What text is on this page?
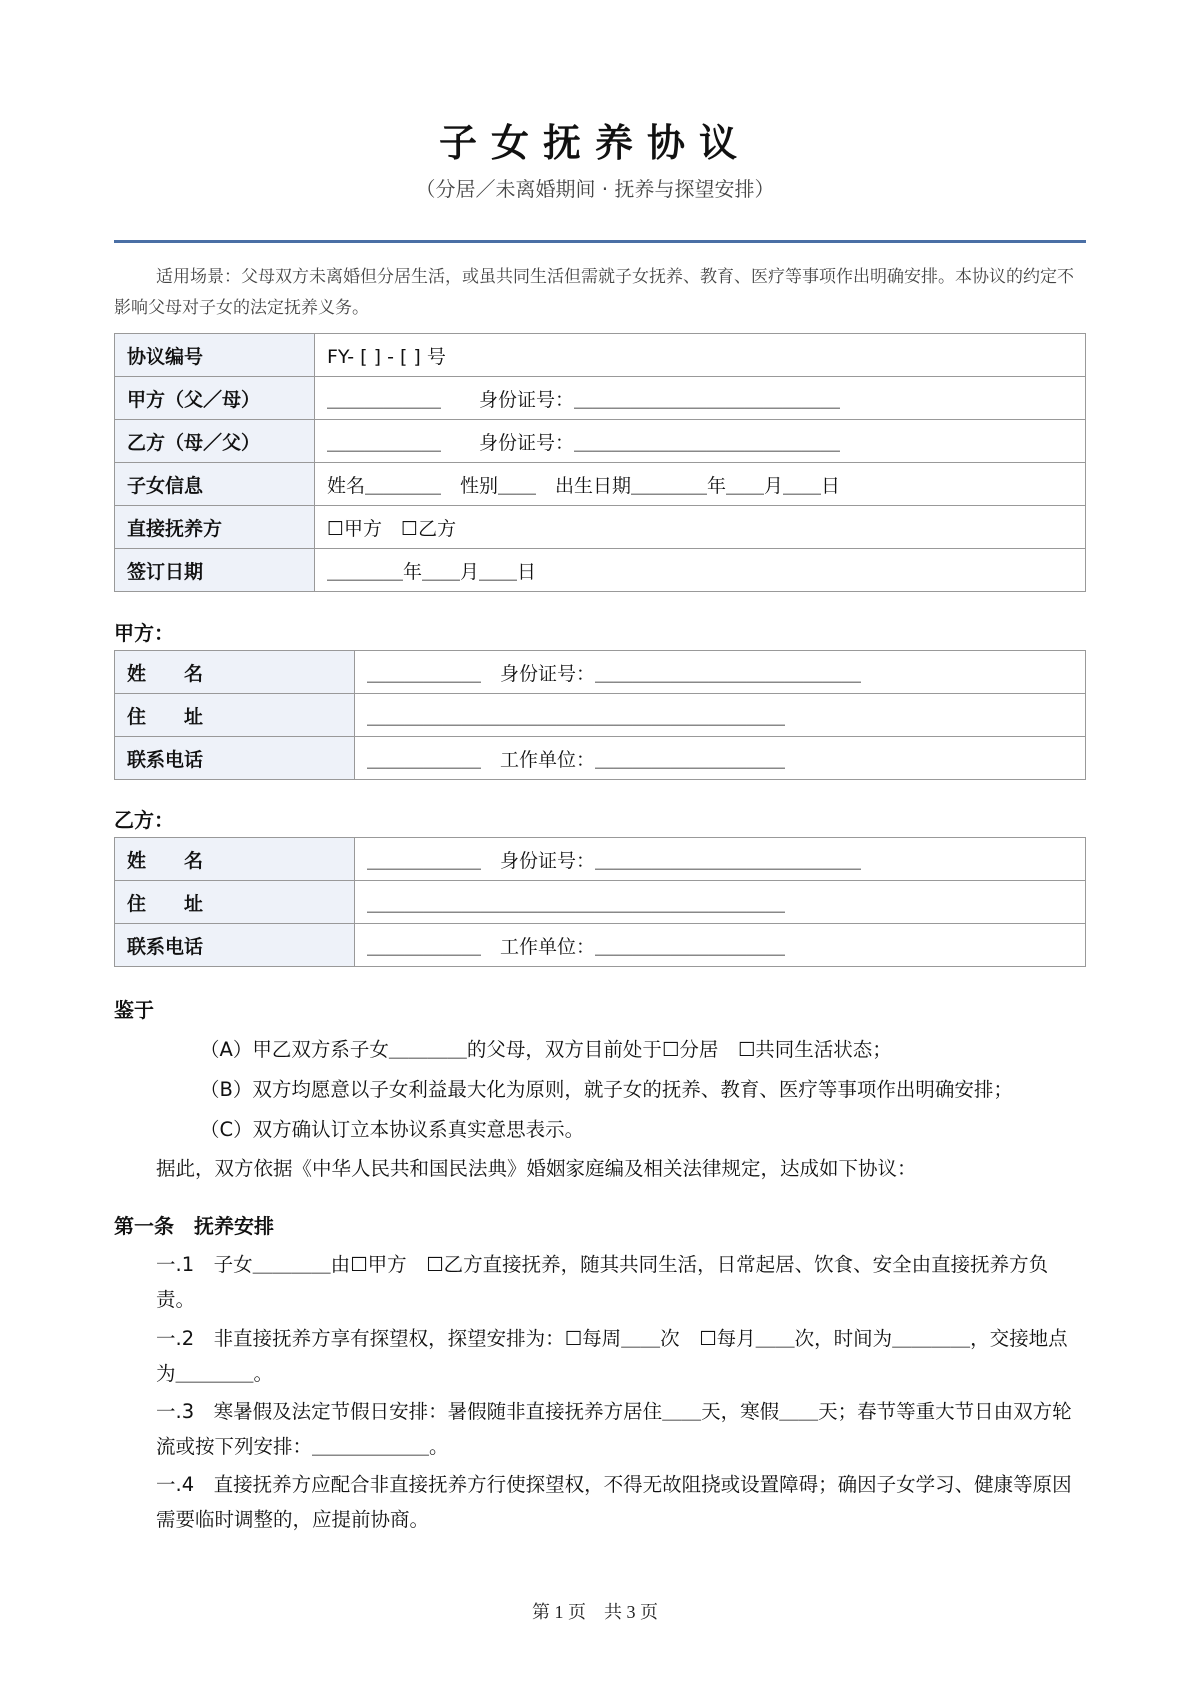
子女抚养协议
（分居／未离婚期间 · 抚养与探望安排）
适用场景：父母双方未离婚但分居生活，或虽共同生活但需就子女抚养、教育、医疗等事项作出明确安排。本协议的约定不影响父母对子女的法定抚养义务。
协议编号	FY- [ ] - [ ] 号
甲方（父／母）	＿＿＿＿＿＿　　身份证号：＿＿＿＿＿＿＿＿＿＿＿＿＿＿
乙方（母／父）	＿＿＿＿＿＿　　身份证号：＿＿＿＿＿＿＿＿＿＿＿＿＿＿
子女信息	姓名＿＿＿＿　性别＿＿　出生日期＿＿＿＿年＿＿月＿＿日
直接抚养方	☐甲方　☐乙方
签订日期	＿＿＿＿年＿＿月＿＿日
甲方：
姓　　名	＿＿＿＿＿＿　身份证号：＿＿＿＿＿＿＿＿＿＿＿＿＿＿
住　　址	＿＿＿＿＿＿＿＿＿＿＿＿＿＿＿＿＿＿＿＿＿＿
联系电话	＿＿＿＿＿＿　工作单位：＿＿＿＿＿＿＿＿＿＿
乙方：
姓　　名	＿＿＿＿＿＿　身份证号：＿＿＿＿＿＿＿＿＿＿＿＿＿＿
住　　址	＿＿＿＿＿＿＿＿＿＿＿＿＿＿＿＿＿＿＿＿＿＿
联系电话	＿＿＿＿＿＿　工作单位：＿＿＿＿＿＿＿＿＿＿
鉴于
（A）甲乙双方系子女＿＿＿＿的父母，双方目前处于☐分居　☐共同生活状态；
（B）双方均愿意以子女利益最大化为原则，就子女的抚养、教育、医疗等事项作出明确安排；
（C）双方确认订立本协议系真实意思表示。
据此，双方依据《中华人民共和国民法典》婚姻家庭编及相关法律规定，达成如下协议：
第一条　抚养安排
一.1　子女＿＿＿＿由☐甲方　☐乙方直接抚养，随其共同生活，日常起居、饮食、安全由直接抚养方负责。
一.2　非直接抚养方享有探望权，探望安排为：☐每周＿＿次　☐每月＿＿次，时间为＿＿＿＿，交接地点为＿＿＿＿。
一.3　寒暑假及法定节假日安排：暑假随非直接抚养方居住＿＿天，寒假＿＿天；春节等重大节日由双方轮流或按下列安排：＿＿＿＿＿＿。
一.4　直接抚养方应配合非直接抚养方行使探望权，不得无故阻挠或设置障碍；确因子女学习、健康等原因需要临时调整的，应提前协商。
第 1 页　共 3 页
